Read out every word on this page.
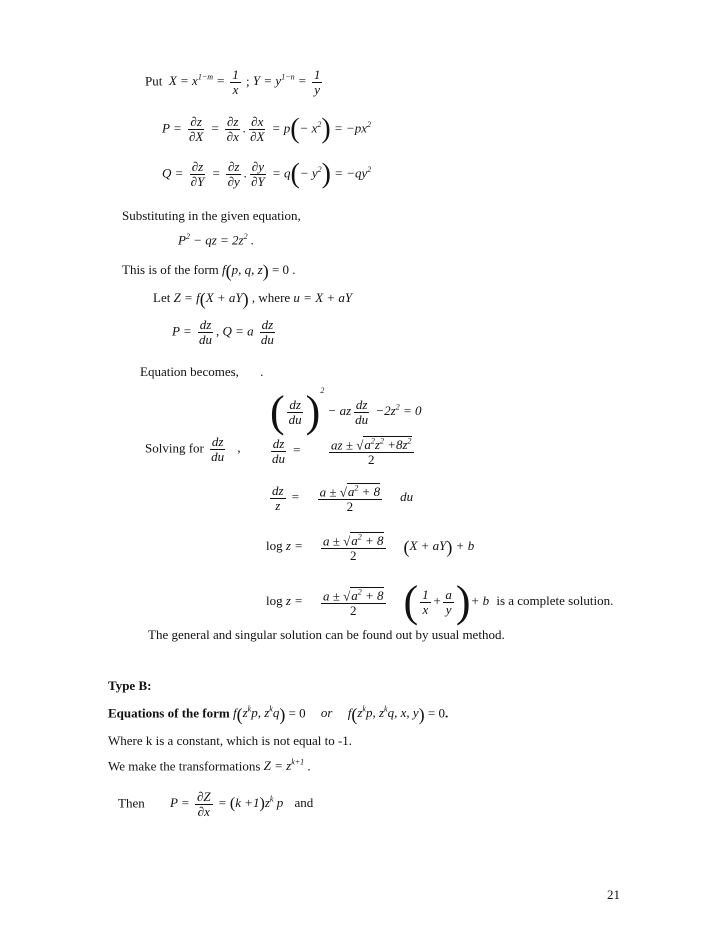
Put  $X = x^{1-m} = \frac{1}{x}$ ; $Y = y^{1-n} = \frac{1}{y}$
$P = \frac{\partial z}{\partial X} = \frac{\partial z}{\partial x}$ . $\frac{\partial x}{\partial X} = p(- x^2) = -px^2$
$Q = \frac{\partial z}{\partial Y} = \frac{\partial z}{\partial y}$ . $\frac{\partial y}{\partial Y} = q(- y^2) = -qy^2$
Substituting in the given equation,
$P^2$ − qz = $2z^2$ .
This is of the form f(p, q, z) = 0 .
Let Z = f(X + aY) , where u = X + aY
$P = \frac{dz}{du}$ , Q = a $\frac{dz}{du}$
Equation becomes, .
( $\frac{dz}{du} )^2$ − az $\frac{dz}{du} -2z^2 = 0$
Solving for $\frac{dz}{du}$ , $\frac{dz}{du} = \frac{az \pm √a^2z^2 +8z^2}{2}$
$\frac{dz}{z} = \frac{a \pm √a^2 + 8}{2}$ du
$\log z = \frac{a \pm √a^2 + 8}{2} (X + aY) + b$
$\log z = \frac{a \pm √a^2 + 8}{2}$ ( $\frac{1}{x} + \frac{a}{y}$ )+ b is a complete solution.
The general and singular solution can be found out by usual method.
Type B:
Equations of the form $f(z^kp$, $z^kq) = 0$ or $f(z^kp$, $z^kq$, x, y) = 0.
Where k is a constant, which is not equal to -1.
We make the transformations $Z = z^{k+1}$ .
Then $P = \frac{\partial Z}{\partial x} = (k +1)z^k$ p and
21
